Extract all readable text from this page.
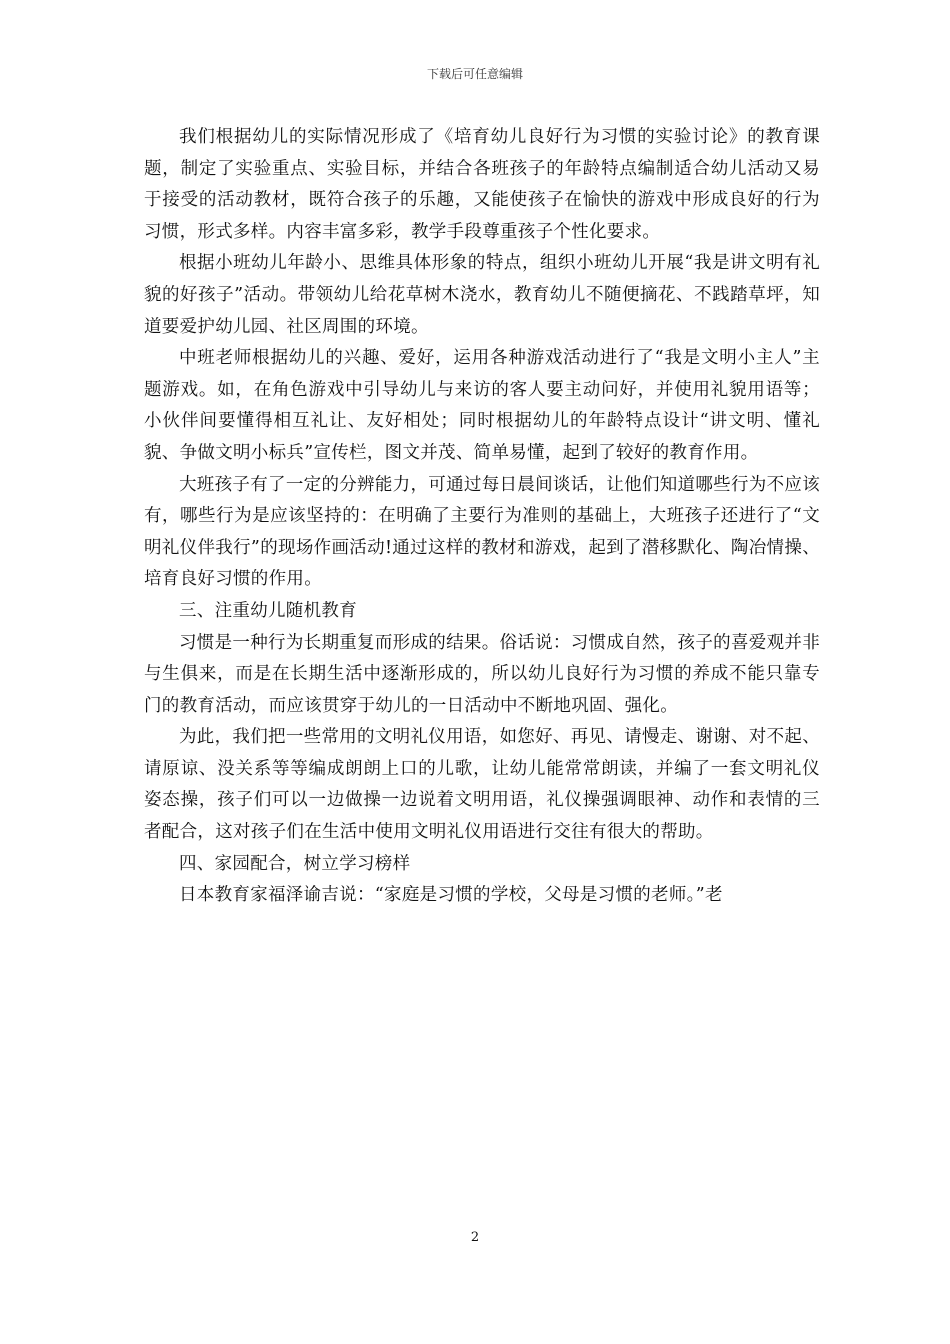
下载后可任意编辑

我们根据幼儿的实际情况形成了《培育幼儿良好行为习惯的实验讨论》的教育课题，制定了实验重点、实验目标，并结合各班孩子的年龄特点编制适合幼儿活动又易于接受的活动教材，既符合孩子的乐趣，又能使孩子在愉快的游戏中形成良好的行为习惯，形式多样。内容丰富多彩，教学手段尊重孩子个性化要求。

根据小班幼儿年龄小、思维具体形象的特点，组织小班幼儿开展“我是讲文明有礼貌的好孩子”活动。带领幼儿给花草树木浇水，教育幼儿不随便摘花、不践踏草坪，知道要爱护幼儿园、社区周围的环境。

中班老师根据幼儿的兴趣、爱好，运用各种游戏活动进行了“我是文明小主人”主题游戏。如，在角色游戏中引导幼儿与来访的客人要主动问好，并使用礼貌用语等；小伙伴间要懂得相互礼让、友好相处；同时根据幼儿的年龄特点设计“讲文明、懂礼貌、争做文明小标兵”宣传栏，图文并茂、简单易懂，起到了较好的教育作用。

大班孩子有了一定的分辨能力，可通过每日晨间谈话，让他们知道哪些行为不应该有，哪些行为是应该坚持的：在明确了主要行为准则的基础上，大班孩子还进行了“文明礼仪伴我行”的现场作画活动!通过这样的教材和游戏，起到了潜移默化、陶冶情操、培育良好习惯的作用。

三、注重幼儿随机教育

习惯是一种行为长期重复而形成的结果。俗话说：习惯成自然，孩子的喜爱观并非与生俱来，而是在长期生活中逐渐形成的，所以幼儿良好行为习惯的养成不能只靠专门的教育活动，而应该贯穿于幼儿的一日活动中不断地巩固、强化。

为此，我们把一些常用的文明礼仪用语，如您好、再见、请慢走、谢谢、对不起、请原谅、没关系等等编成朗朗上口的儿歌，让幼儿能常常朗读，并编了一套文明礼仪姿态操，孩子们可以一边做操一边说着文明用语，礼仪操强调眼神、动作和表情的三者配合，这对孩子们在生活中使用文明礼仪用语进行交往有很大的帮助。

四、家园配合，树立学习榜样

日本教育家福泽谕吉说：“家庭是习惯的学校，父母是习惯的老师。”老

2
